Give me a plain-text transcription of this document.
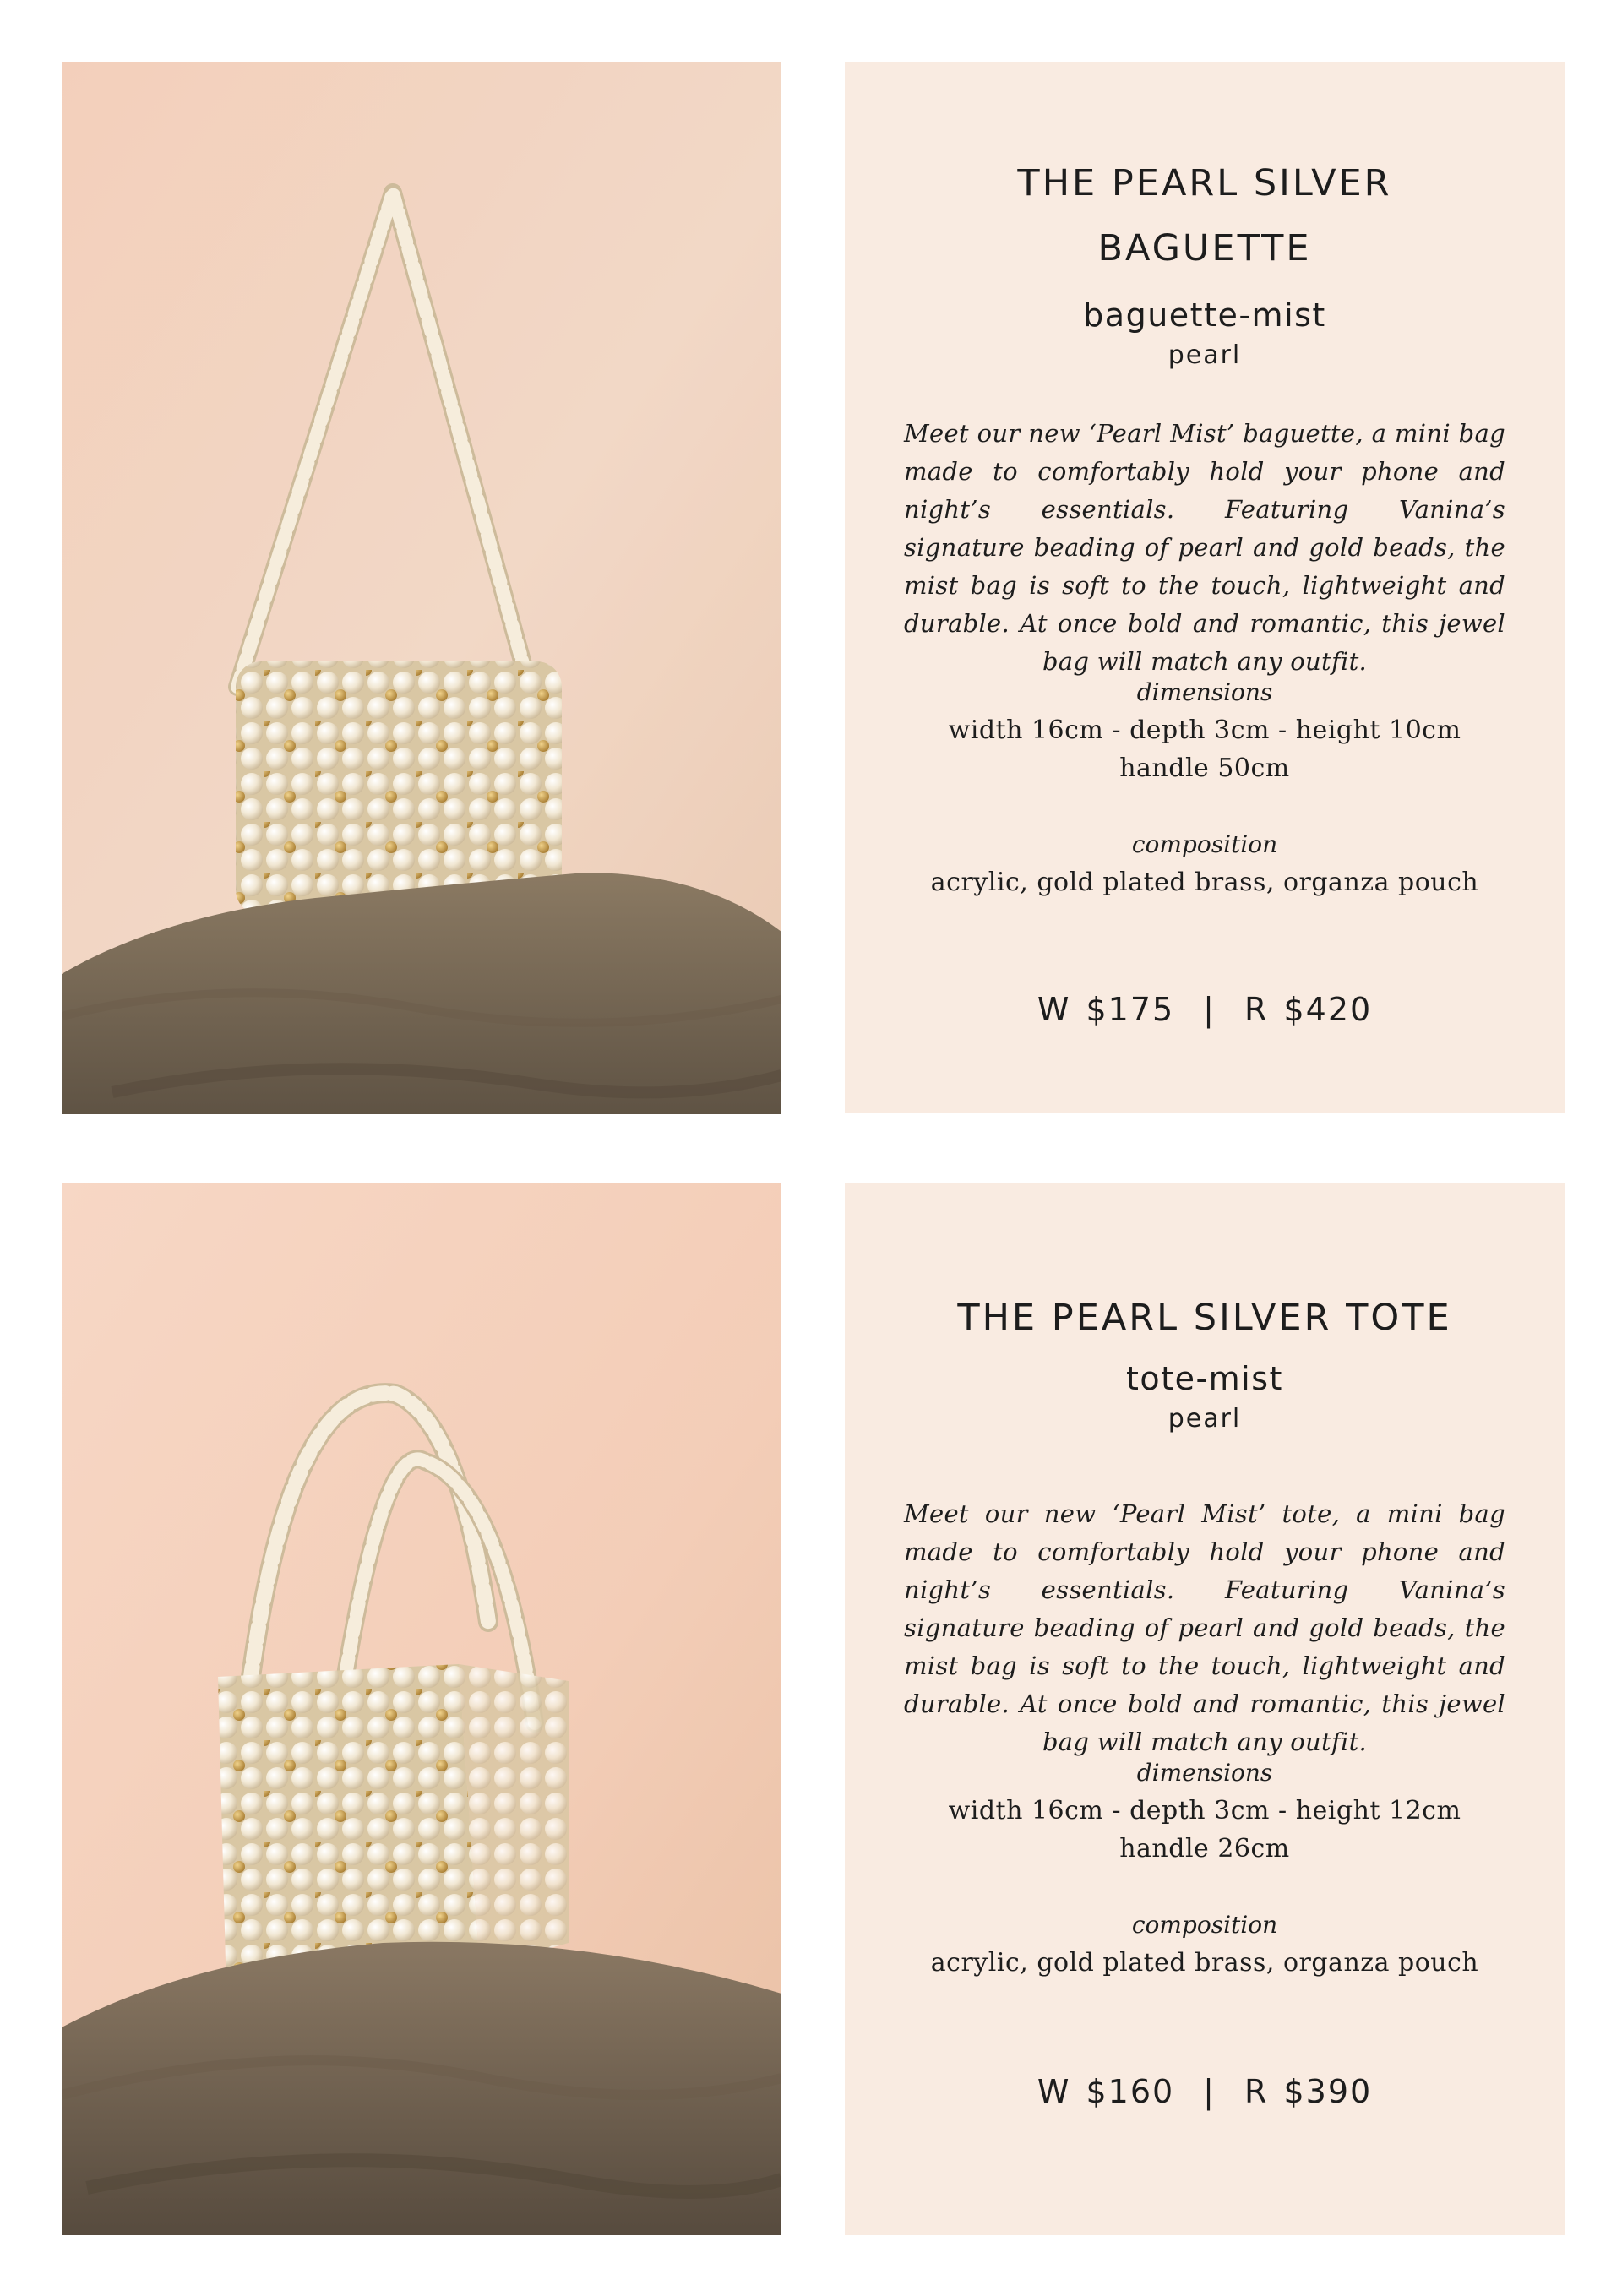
THE PEARL SILVER
BAGUETTE
baguette-mist
pearl
Meet our new ‘Pearl Mist’ baguette, a mini bag made to comfortably hold your phone and night’s essentials. Featuring Vanina’s signature beading of pearl and gold beads, the mist bag is soft to the touch, lightweight and durable. At once bold and romantic, this jewel bag will match any outfit.
dimensions
width 16cm - depth 3cm - height 10cm
handle 50cm
composition
acrylic, gold plated brass, organza pouch
W $175 | R $420
THE PEARL SILVER TOTE
tote-mist
pearl
Meet our new ‘Pearl Mist’ tote, a mini bag made to comfortably hold your phone and night’s essentials. Featuring Vanina’s signature beading of pearl and gold beads, the mist bag is soft to the touch, lightweight and durable. At once bold and romantic, this jewel bag will match any outfit.
dimensions
width 16cm - depth 3cm - height 12cm
handle 26cm
composition
acrylic, gold plated brass, organza pouch
W $160 | R $390
